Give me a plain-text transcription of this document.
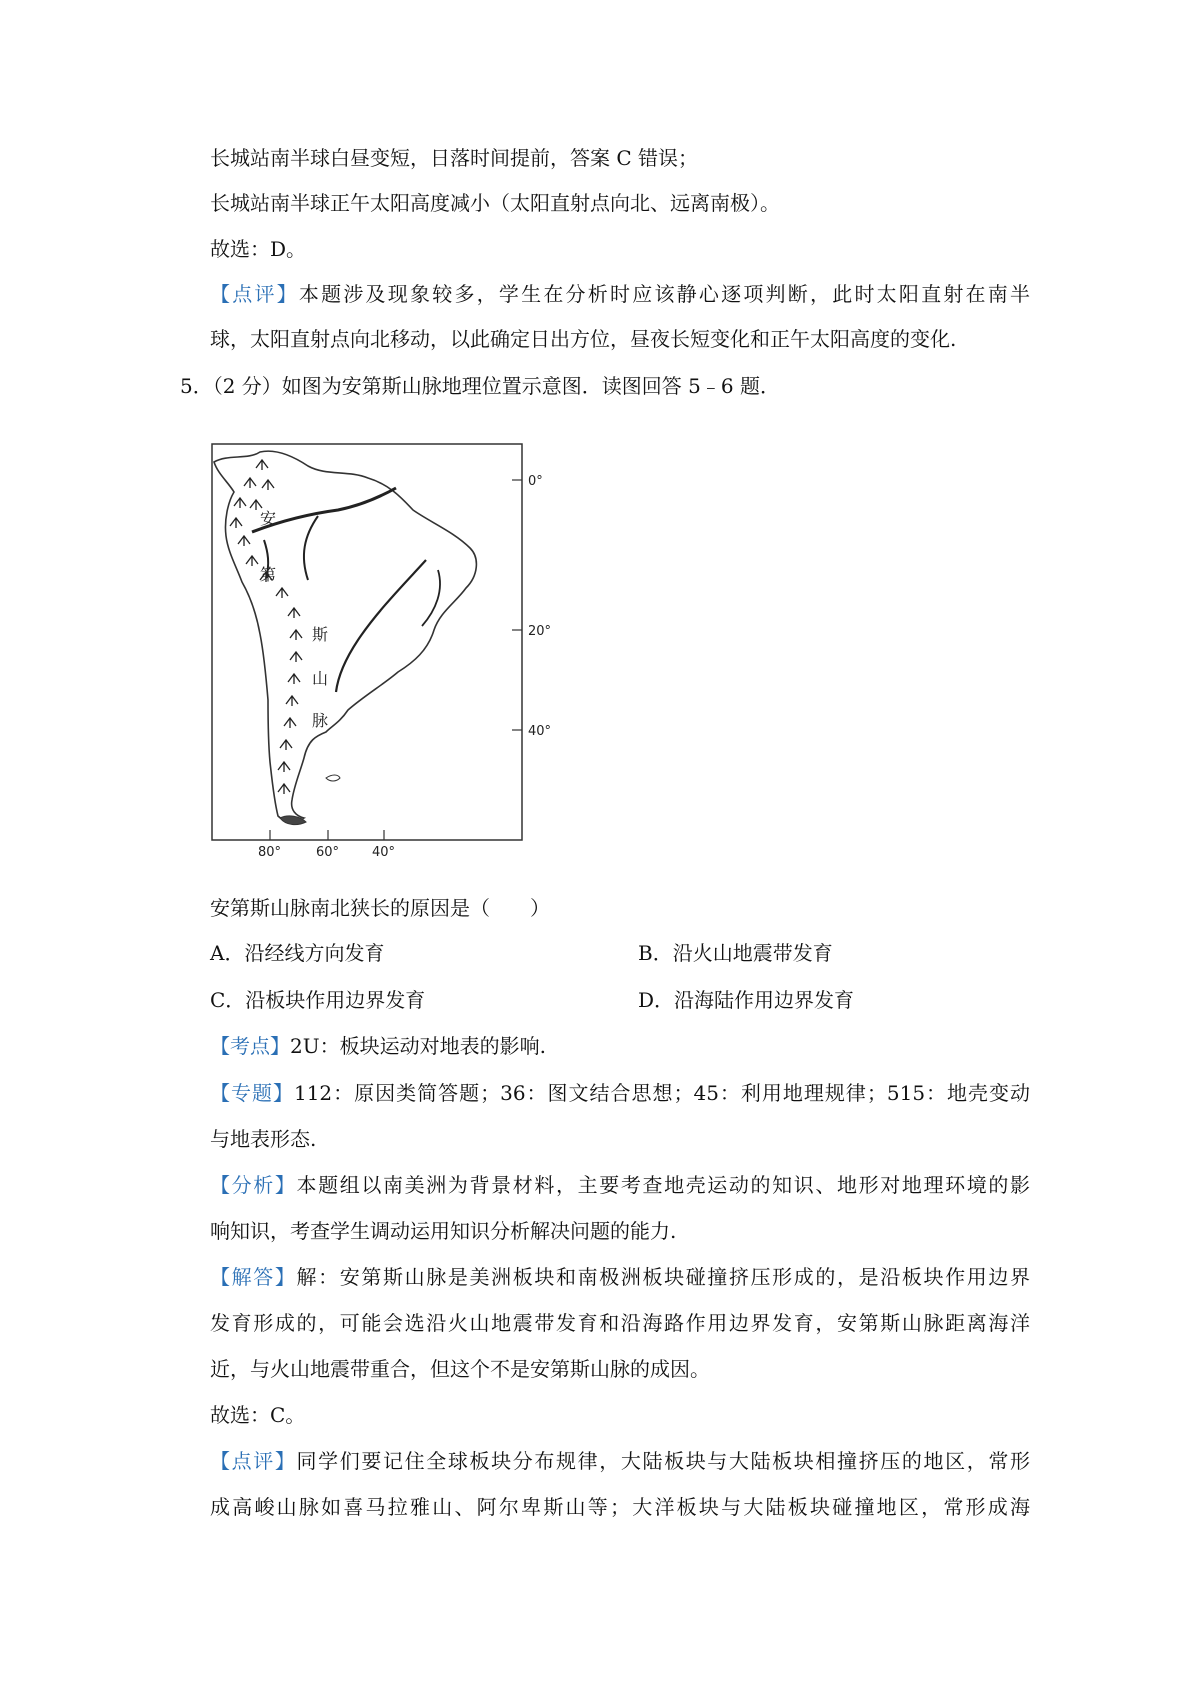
长城站南半球白昼变短，日落时间提前，答案 C 错误；
长城站南半球正午太阳高度减小（太阳直射点向北、远离南极）。
故选：D。
【点评】本题涉及现象较多，学生在分析时应该静心逐项判断，此时太阳直射在南半
球，太阳直射点向北移动，以此确定日出方位，昼夜长短变化和正午太阳高度的变化.
5．（2 分）如图为安第斯山脉地理位置示意图．读图回答 5﹣6 题．
安
第
斯
山
脉
0°
20°
40°
80°	60°	40°
安第斯山脉南北狭长的原因是（　　）
A．沿经线方向发育	B．沿火山地震带发育
C．沿板块作用边界发育	D．沿海陆作用边界发育
【考点】2U：板块运动对地表的影响.
【专题】112：原因类简答题；36：图文结合思想；45：利用地理规律；515：地壳变动
与地表形态.
【分析】本题组以南美洲为背景材料，主要考查地壳运动的知识、地形对地理环境的影
响知识，考查学生调动运用知识分析解决问题的能力.
【解答】解：安第斯山脉是美洲板块和南极洲板块碰撞挤压形成的，是沿板块作用边界
发育形成的，可能会选沿火山地震带发育和沿海路作用边界发育，安第斯山脉距离海洋
近，与火山地震带重合，但这个不是安第斯山脉的成因。
故选：C。
【点评】同学们要记住全球板块分布规律，大陆板块与大陆板块相撞挤压的地区，常形
成高峻山脉如喜马拉雅山、阿尔卑斯山等；大洋板块与大陆板块碰撞地区，常形成海
